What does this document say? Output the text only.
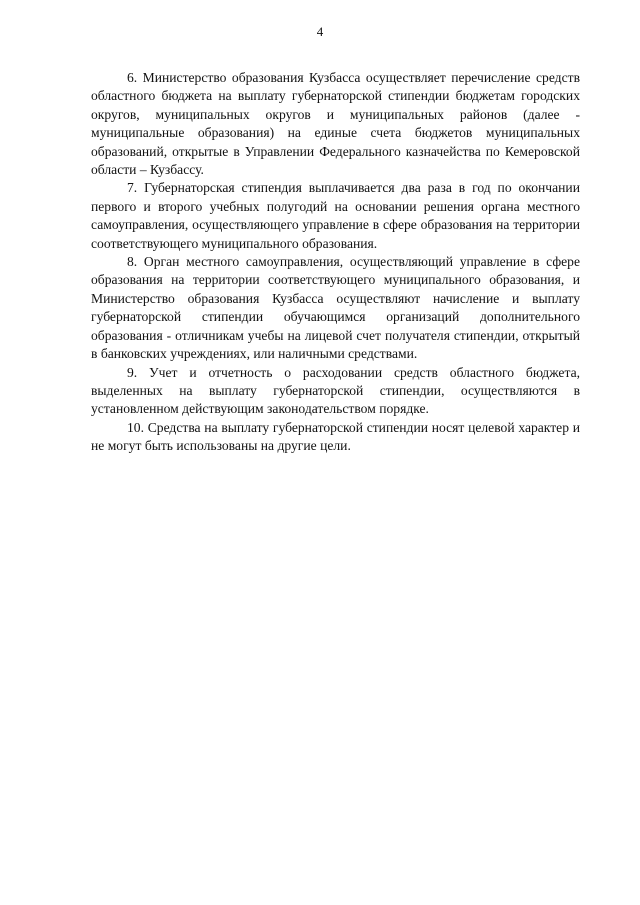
4

6. Министерство образования Кузбасса осуществляет перечисление средств областного бюджета на выплату губернаторской стипендии бюджетам городских округов, муниципальных округов и муниципальных районов (далее - муниципальные образования) на единые счета бюджетов муниципальных образований, открытые в Управлении Федерального казначейства по Кемеровской области – Кузбассу.

7. Губернаторская стипендия выплачивается два раза в год по окончании первого и второго учебных полугодий на основании решения органа местного самоуправления, осуществляющего управление в сфере образования на территории соответствующего муниципального образования.

8. Орган местного самоуправления, осуществляющий управление в сфере образования на территории соответствующего муниципального образования, и Министерство образования Кузбасса осуществляют начисление и выплату губернаторской стипендии обучающимся организаций дополнительного образования - отличникам учебы на лицевой счет получателя стипендии, открытый в банковских учреждениях, или наличными средствами.

9. Учет и отчетность о расходовании средств областного бюджета, выделенных на выплату губернаторской стипендии, осуществляются в установленном действующим законодательством порядке.

10. Средства на выплату губернаторской стипендии носят целевой характер и не могут быть использованы на другие цели.
